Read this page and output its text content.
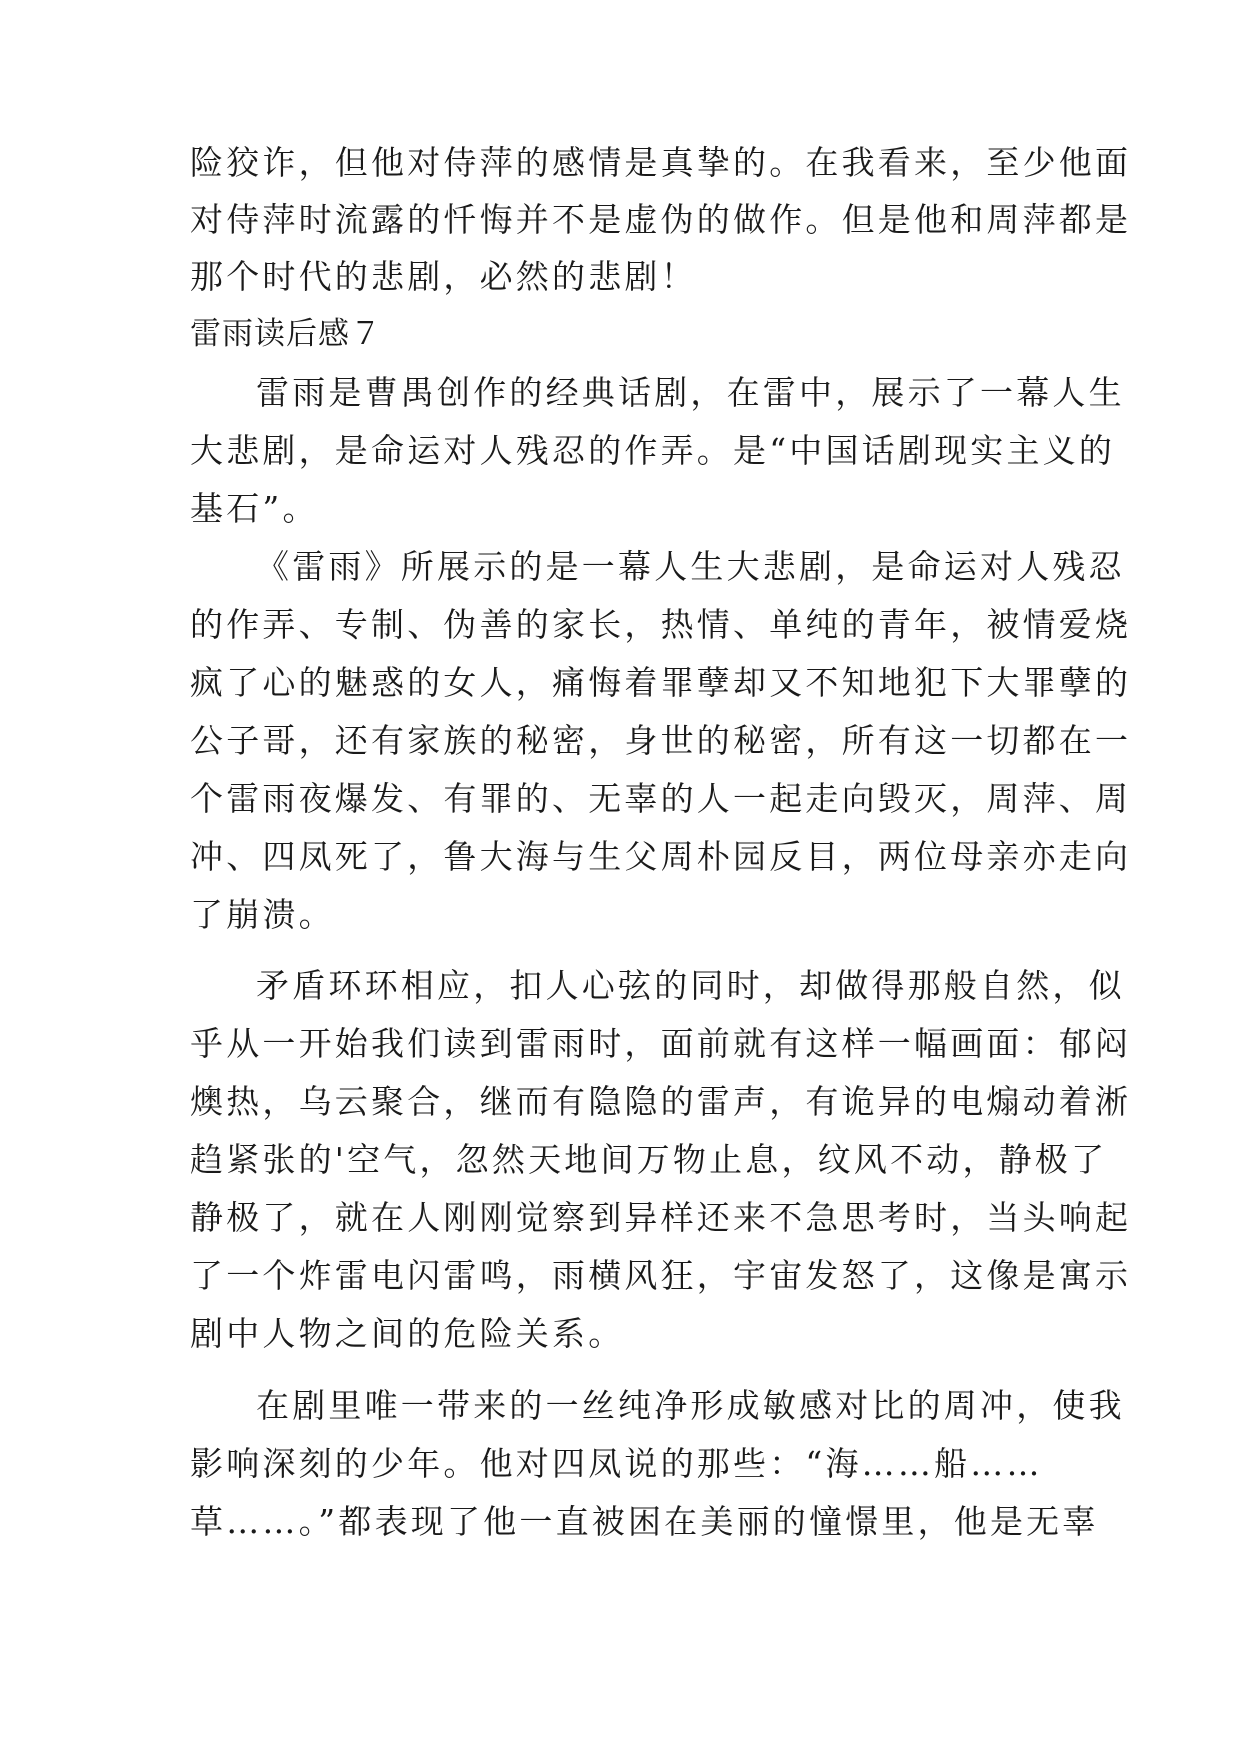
险狡诈，但他对侍萍的感情是真挚的。在我看来，至少他面
对侍萍时流露的忏悔并不是虚伪的做作。但是他和周萍都是
那个时代的悲剧，必然的悲剧！
雷雨读后感７
雷雨是曹禺创作的经典话剧，在雷中，展示了一幕人生
大悲剧，是命运对人残忍的作弄。是“中国话剧现实主义的
基石”。
《雷雨》所展示的是一幕人生大悲剧，是命运对人残忍
的作弄、专制、伪善的家长，热情、单纯的青年，被情爱烧
疯了心的魅惑的女人，痛悔着罪孽却又不知地犯下大罪孽的
公子哥，还有家族的秘密，身世的秘密，所有这一切都在一
个雷雨夜爆发、有罪的、无辜的人一起走向毁灭，周萍、周
冲、四凤死了，鲁大海与生父周朴园反目，两位母亲亦走向
了崩溃。
矛盾环环相应，扣人心弦的同时，却做得那般自然，似
乎从一开始我们读到雷雨时，面前就有这样一幅画面：郁闷
燠热，乌云聚合，继而有隐隐的雷声，有诡异的电煽动着淅
趋紧张的'空气，忽然天地间万物止息，纹风不动，静极了
静极了，就在人刚刚觉察到异样还来不急思考时，当头响起
了一个炸雷电闪雷鸣，雨横风狂，宇宙发怒了，这像是寓示
剧中人物之间的危险关系。
在剧里唯一带来的一丝纯净形成敏感对比的周冲，使我
影响深刻的少年。他对四凤说的那些：“海……船……
草……。”都表现了他一直被困在美丽的憧憬里，他是无辜
